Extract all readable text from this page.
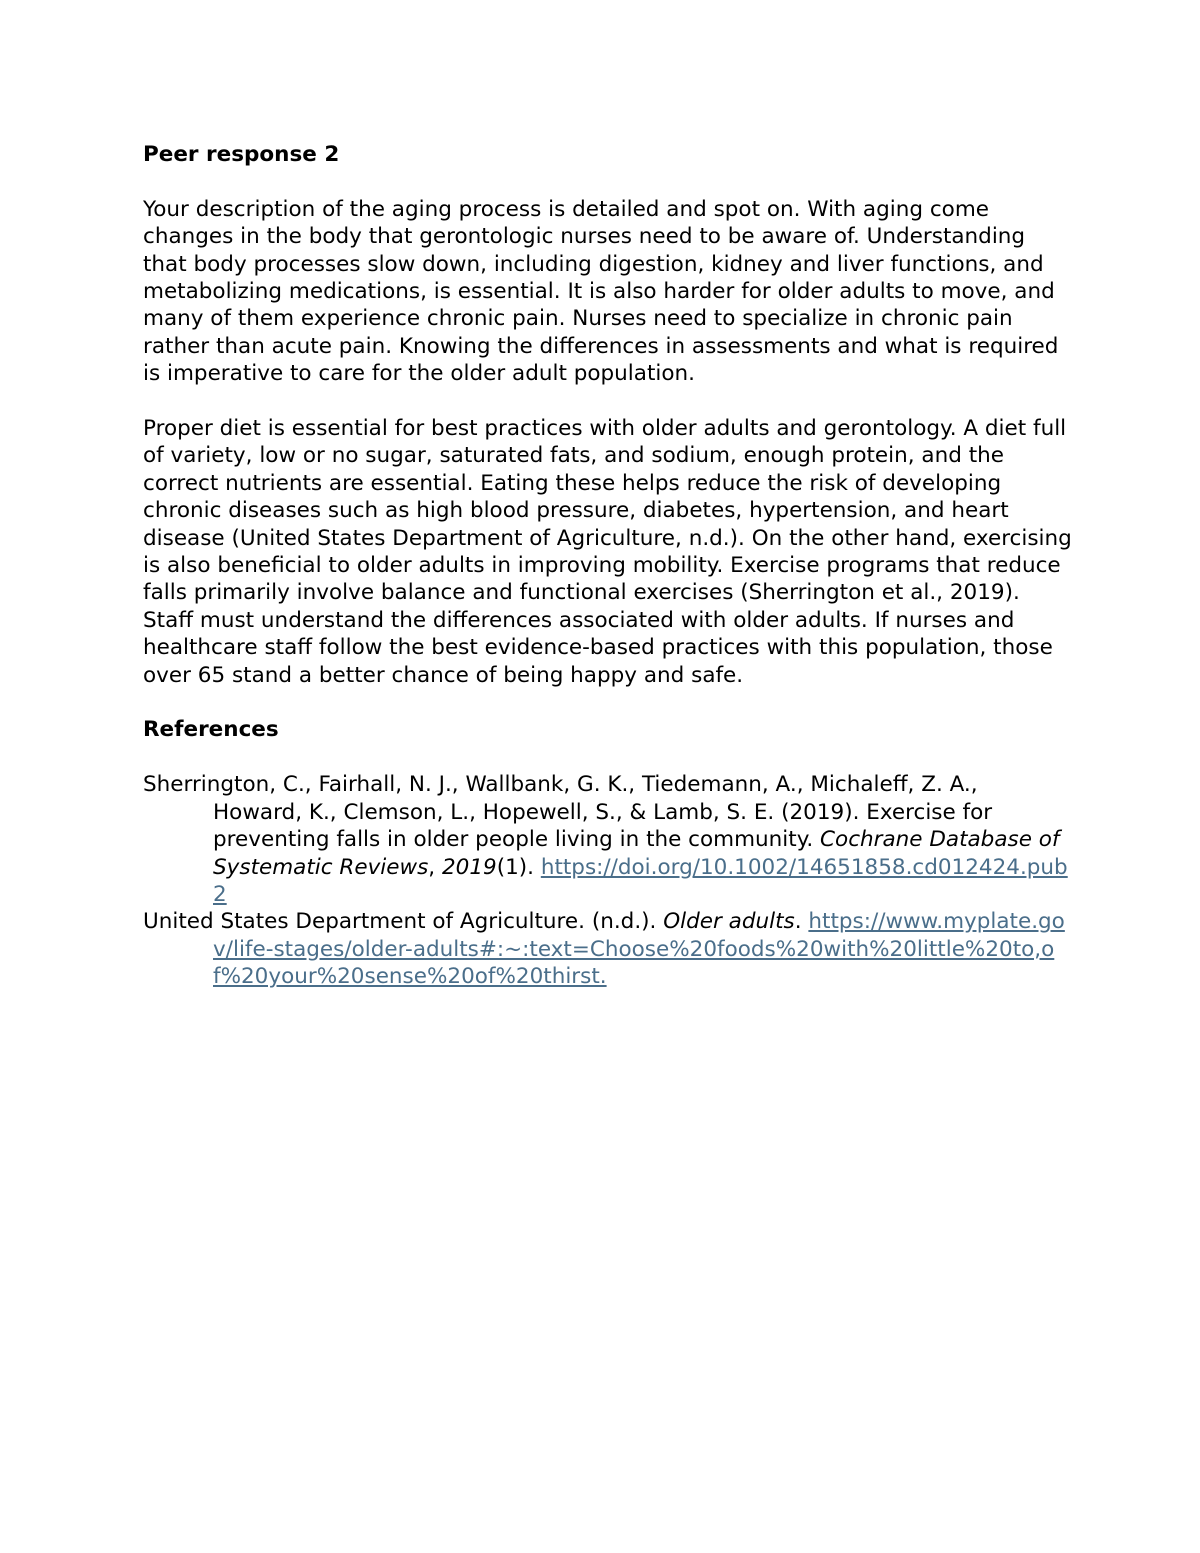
Peer response 2

Your description of the aging process is detailed and spot on. With aging come changes in the body that gerontologic nurses need to be aware of. Understanding that body processes slow down, including digestion, kidney and liver functions, and metabolizing medications, is essential. It is also harder for older adults to move, and many of them experience chronic pain. Nurses need to specialize in chronic pain rather than acute pain. Knowing the differences in assessments and what is required is imperative to care for the older adult population.

Proper diet is essential for best practices with older adults and gerontology. A diet full of variety, low or no sugar, saturated fats, and sodium, enough protein, and the correct nutrients are essential. Eating these helps reduce the risk of developing chronic diseases such as high blood pressure, diabetes, hypertension, and heart disease (United States Department of Agriculture, n.d.). On the other hand, exercising is also beneficial to older adults in improving mobility. Exercise programs that reduce falls primarily involve balance and functional exercises (Sherrington et al., 2019). Staff must understand the differences associated with older adults. If nurses and healthcare staff follow the best evidence-based practices with this population, those over 65 stand a better chance of being happy and safe.

References
Sherrington, C., Fairhall, N. J., Wallbank, G. K., Tiedemann, A., Michaleff, Z. A., Howard, K., Clemson, L., Hopewell, S., & Lamb, S. E. (2019). Exercise for preventing falls in older people living in the community. Cochrane Database of Systematic Reviews, 2019(1). https://doi.org/10.1002/14651858.cd012424.pub2
United States Department of Agriculture. (n.d.). Older adults. https://www.myplate.gov/life-stages/older-adults#:~:text=Choose%20foods%20with%20little%20to,of%20your%20sense%20of%20thirst.
